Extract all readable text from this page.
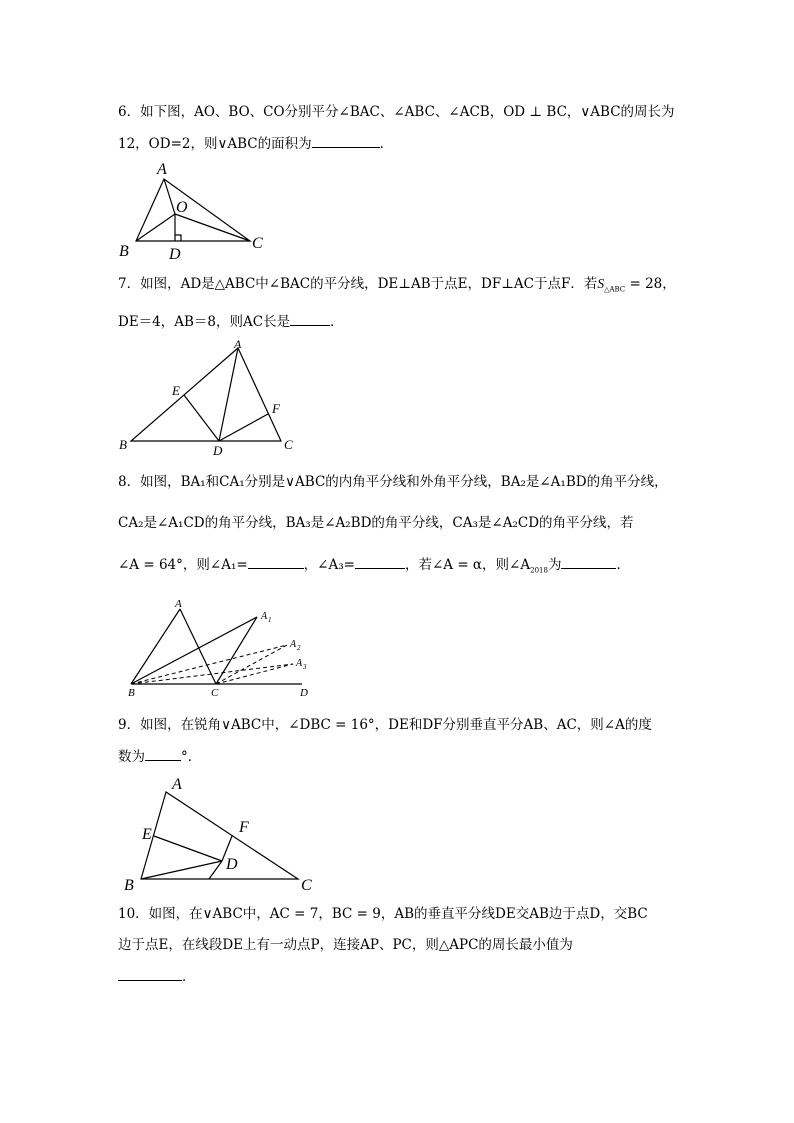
6．如下图，AO、BO、CO分别平分∠BAC、∠ABC、∠ACB，OD ⊥ BC，∨ABC的周长为
12，OD=2，则∨ABC的面积为	．
A
O
B	D
C
7．如图，AD是△ABC中∠BAC的平分线，DE⊥AB于点E，DF⊥AC于点F．若$S_{\triangle ABC} = 28$，
DE＝4，AB＝8，则AC长是	．
A
E
F
B	D	C
8．如图，BA₁和CA₁分别是∨ABC的内角平分线和外角平分线，BA₂是∠A₁BD的角平分线，
CA₂是∠A₁CD的角平分线，BA₃是∠A₂BD的角平分线，CA₃是∠A₂CD的角平分线，若
∠A = 64°，则∠A₁=	，∠A₃=	，若∠A = α，则$\angle A_{2018}$为	．
A
A 1
A 2
A 3
B	C	D
9．如图，在锐角∨ABC中，∠DBC = 16°，DE和DF分别垂直平分AB、AC，则∠A的度
数为	°．
A
E	F
D
B	C
10．如图，在∨ABC中，AC = 7，BC = 9，AB的垂直平分线DE交AB边于点D，交BC
边于点E，在线段DE上有一动点P，连接AP、PC，则△APC的周长最小值为
．
